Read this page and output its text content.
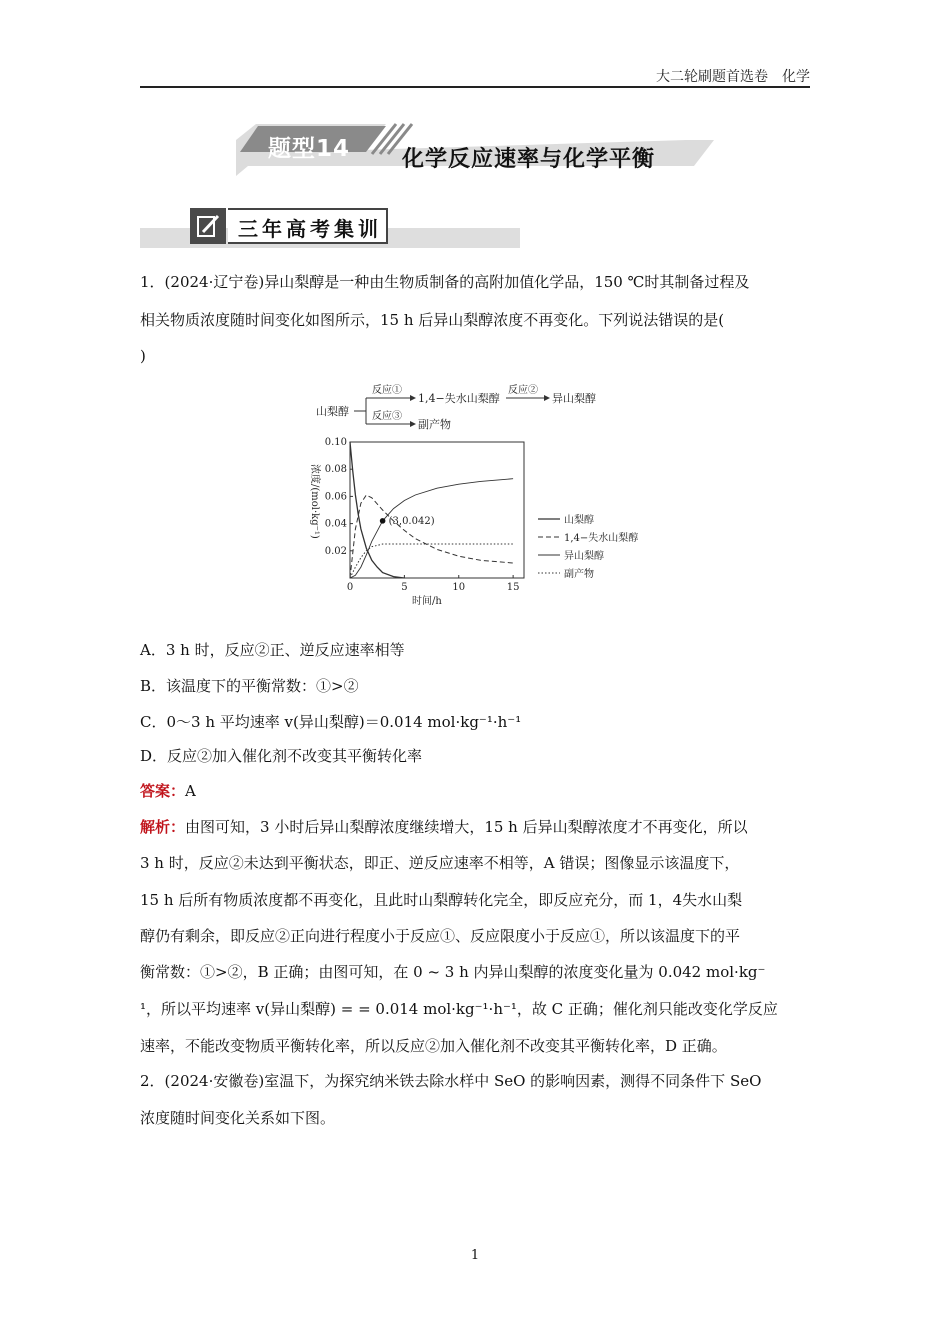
大二轮刷题首选卷　化学
题型14 化学反应速率与化学平衡
三年高考集训
1．(2024·辽宁卷)异山梨醇是一种由生物质制备的高附加值化学品，150 ℃时其制备过程及
相关物质浓度随时间变化如图所示，15 h 后异山梨醇浓度不再变化。下列说法错误的是(
)
山梨醇
反应①
1,4−失水山梨醇
反应②
异山梨醇
反应③
副产物
0	5	10	15
0.02
0.04
0.06
0.08
0.10
(3,0.042)
浓度/(mol·kg⁻¹)
时间/h
山梨醇
1,4−失水山梨醇
异山梨醇
副产物
A．3 h 时，反应②正、逆反应速率相等
B．该温度下的平衡常数：①>②
C．0～3 h 平均速率 v(异山梨醇)＝0.014 mol·kg⁻¹·h⁻¹
D．反应②加入催化剂不改变其平衡转化率
答案：A
解析：由图可知，3 小时后异山梨醇浓度继续增大，15 h 后异山梨醇浓度才不再变化，所以
3 h 时，反应②未达到平衡状态，即正、逆反应速率不相等，A 错误；图像显示该温度下，
15 h 后所有物质浓度都不再变化，且此时山梨醇转化完全，即反应充分，而 1，4失水山梨
醇仍有剩余，即反应②正向进行程度小于反应①、反应限度小于反应①，所以该温度下的平
衡常数：①>②，B 正确；由图可知，在 0 ~ 3 h 内异山梨醇的浓度变化量为 0.042 mol·kg⁻
¹，所以平均速率 v(异山梨醇) = = 0.014 mol·kg⁻¹·h⁻¹，故 C 正确；催化剂只能改变化学反应
速率，不能改变物质平衡转化率，所以反应②加入催化剂不改变其平衡转化率，D 正确。
2．(2024·安徽卷)室温下，为探究纳米铁去除水样中 SeO 的影响因素，测得不同条件下 SeO
浓度随时间变化关系如下图。
1
